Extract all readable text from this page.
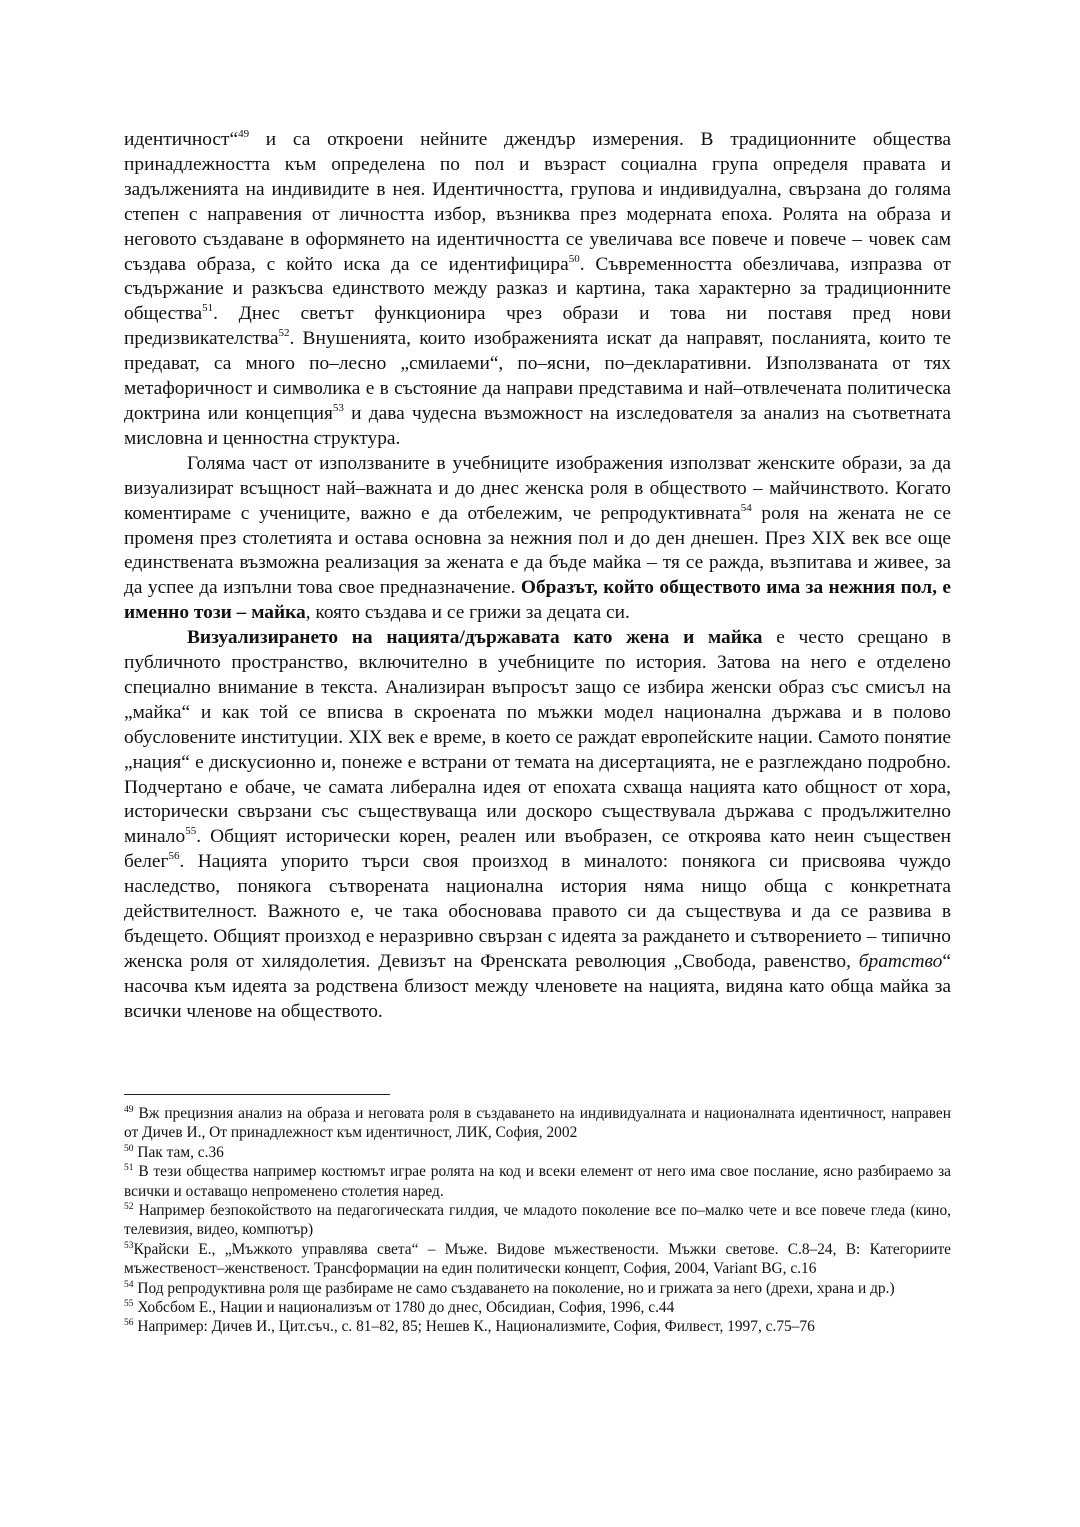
идентичност“$^{49}$ и са откроени нейните джендър измерения. В традиционните общества принадлежността към определена по пол и възраст социална група определя правата и задълженията на индивидите в нея. Идентичността, групова и индивидуална, свързана до голяма степен с направения от личността избор, възниква през модерната епоха. Ролята на образа и неговото създаване в оформянето на идентичността се увеличава все повече и повече – човек сам създава образа, с който иска да се идентифицира$^{50}$. Съвременността обезличава, изпразва от съдържание и разкъсва единството между разказ и картина, така характерно за традиционните общества$^{51}$. Днес светът функционира чрез образи и това ни поставя пред нови предизвикателства$^{52}$. Внушенията, които изображенията искат да направят, посланията, които те предават, са много по–лесно „смилаеми“, по–ясни, по–декларативни. Използваната от тях метафоричност и символика е в състояние да направи представима и най–отвлечената политическа доктрина или концепция$^{53}$ и дава чудесна възможност на изследователя за анализ на съответната мисловна и ценностна структура.

Голяма част от използваните в учебниците изображения използват женските образи, за да визуализират всъщност най–важната и до днес женска роля в обществото – майчинството. Когато коментираме с учениците, важно е да отбележим, че репродуктивната$^{54}$ роля на жената не се променя през столетията и остава основна за нежния пол и до ден днешен. През XIX век все още единствената възможна реализация за жената е да бъде майка – тя се ражда, възпитава и живее, за да успее да изпълни това свое предназначение. Образът, който обществото има за нежния пол, е именно този – майка, която създава и се грижи за децата си.

Визуализирането на нацията/държавата като жена и майка е често срещано в публичното пространство, включително в учебниците по история. Затова на него е отделено специално внимание в текста. Анализиран въпросът защо се избира женски образ със смисъл на „майка“ и как той се вписва в скроената по мъжки модел национална държава и в полово обусловените институции. XIX век е време, в което се раждат европейските нации. Самото понятие „нация“ е дискусионно и, понеже е встрани от темата на дисертацията, не е разглеждано подробно. Подчертано е обаче, че самата либерална идея от епохата схваща нацията като общност от хора, исторически свързани със съществуваща или доскоро съществувала държава с продължително минало$^{55}$. Общият исторически корен, реален или въобразен, се откроява като неин съществен белег$^{56}$. Нацията упорито търси своя произход в миналото: понякога си присвоява чуждо наследство, понякога сътворената национална история няма нищо обща с конкретната действителност. Важното е, че така обосновава правото си да съществува и да се развива в бъдещето. Общият произход е неразривно свързан с идеята за раждането и сътворението – типично женска роля от хилядолетия. Девизът на Френската революция „Свобода, равенство, братство“ насочва към идеята за родствена близост между членовете на нацията, видяна като обща майка за всички членове на обществото.

$^{49}$ Вж прецизния анализ на образа и неговата роля в създаването на индивидуалната и националната идентичност, направен от Дичев И., От принадлежност към идентичност, ЛИК, София, 2002

$^{50}$ Пак там, с.36

$^{51}$ В тези общества например костюмът играе ролята на код и всеки елемент от него има свое послание, ясно разбираемо за всички и оставащо непроменено столетия наред.

$^{52}$ Например безпокойството на педагогическата гилдия, че младото поколение все по–малко чете и все повече гледа (кино, телевизия, видео, компютър)

$^{53}$Крайски Е., „Мъжкото управлява света“ – Мъже. Видове мъжествености. Мъжки светове. С.8–24, В: Категориите мъжественост–женственост. Трансформации на един политически концепт, София, 2004, Variant BG, с.16

$^{54}$ Под репродуктивна роля ще разбираме не само създаването на поколение, но и грижата за него (дрехи, храна и др.)

$^{55}$ Хобсбом Е., Нации и национализъм от 1780 до днес, Обсидиан, София, 1996, с.44

$^{56}$ Например: Дичев И., Цит.съч., с. 81–82, 85; Нешев К., Национализмите, София, Филвест, 1997, с.75–76
